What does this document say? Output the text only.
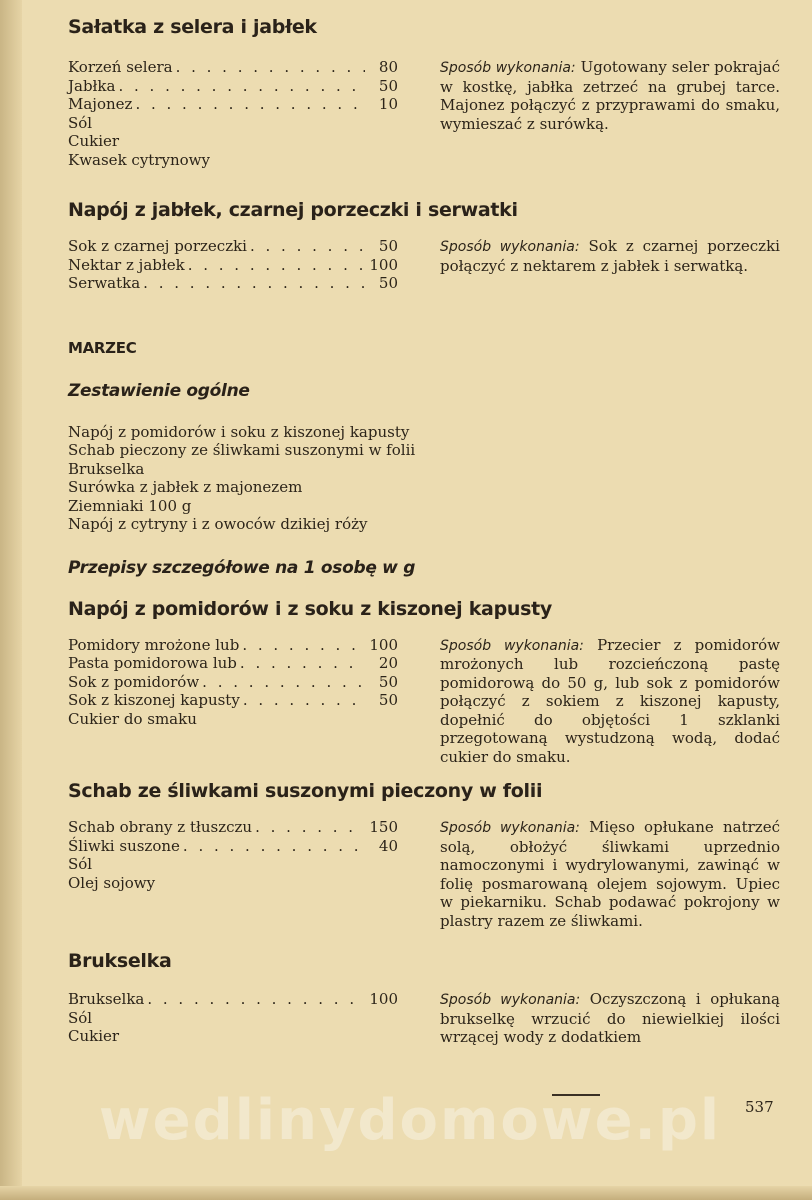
Sałatka z selera i jabłek
Korzeń selera . . .	80
Jabłka . . .	50
Majonez . . .	10
Sól
Cukier
Kwasek cytrynowy
Sposób wykonania: Ugotowany seler pokrajać w kostkę, jabłka zetrzeć na grubej tarce. Majonez połączyć z przyprawami do smaku, wymieszać z surówką.
Napój z jabłek, czarnej porzeczki i serwatki
Sok z czarnej porzeczki . . .	50
Nektar z jabłek . . .	100
Serwatka . . .	50
Sposób wykonania: Sok z czarnej porzeczki połączyć z nektarem z jabłek i serwatką.
MARZEC
Zestawienie ogólne
Napój z pomidorów i soku z kiszonej kapusty
Schab pieczony ze śliwkami suszonymi w folii
Brukselka
Surówka z jabłek z majonezem
Ziemniaki 100 g
Napój z cytryny i z owoców dzikiej róży
Przepisy szczegółowe na 1 osobę w g
Napój z pomidorów i z soku z kiszonej kapusty
Pomidory mrożone lub . . .	100
Pasta pomidorowa lub . . .	20
Sok z pomidorów . . .	50
Sok z kiszonej kapusty . . .	50
Cukier do smaku
Sposób wykonania: Przecier z pomidorów mrożonych lub rozcieńczoną pastę pomidorową do 50 g, lub sok z pomidorów połączyć z sokiem z kiszonej kapusty, dopełnić do objętości 1 szklanki przegotowaną wystudzoną wodą, dodać cukier do smaku.
Schab ze śliwkami suszonymi pieczony w folii
Schab obrany z tłuszczu . . .	150
Śliwki suszone . . .	40
Sól
Olej sojowy
Sposób wykonania: Mięso opłukane natrzeć solą, obłożyć śliwkami uprzednio namoczonymi i wydrylowanymi, zawinąć w folię posmarowaną olejem sojowym. Upiec w piekarniku. Schab podawać pokrojony w plastry razem ze śliwkami.
Brukselka
Brukselka . . .	100
Sól
Cukier
Sposób wykonania: Oczyszczoną i opłukaną brukselkę wrzucić do niewielkiej ilości wrzącej wody z dodatkiem
wedlinydomowe.pl	537
